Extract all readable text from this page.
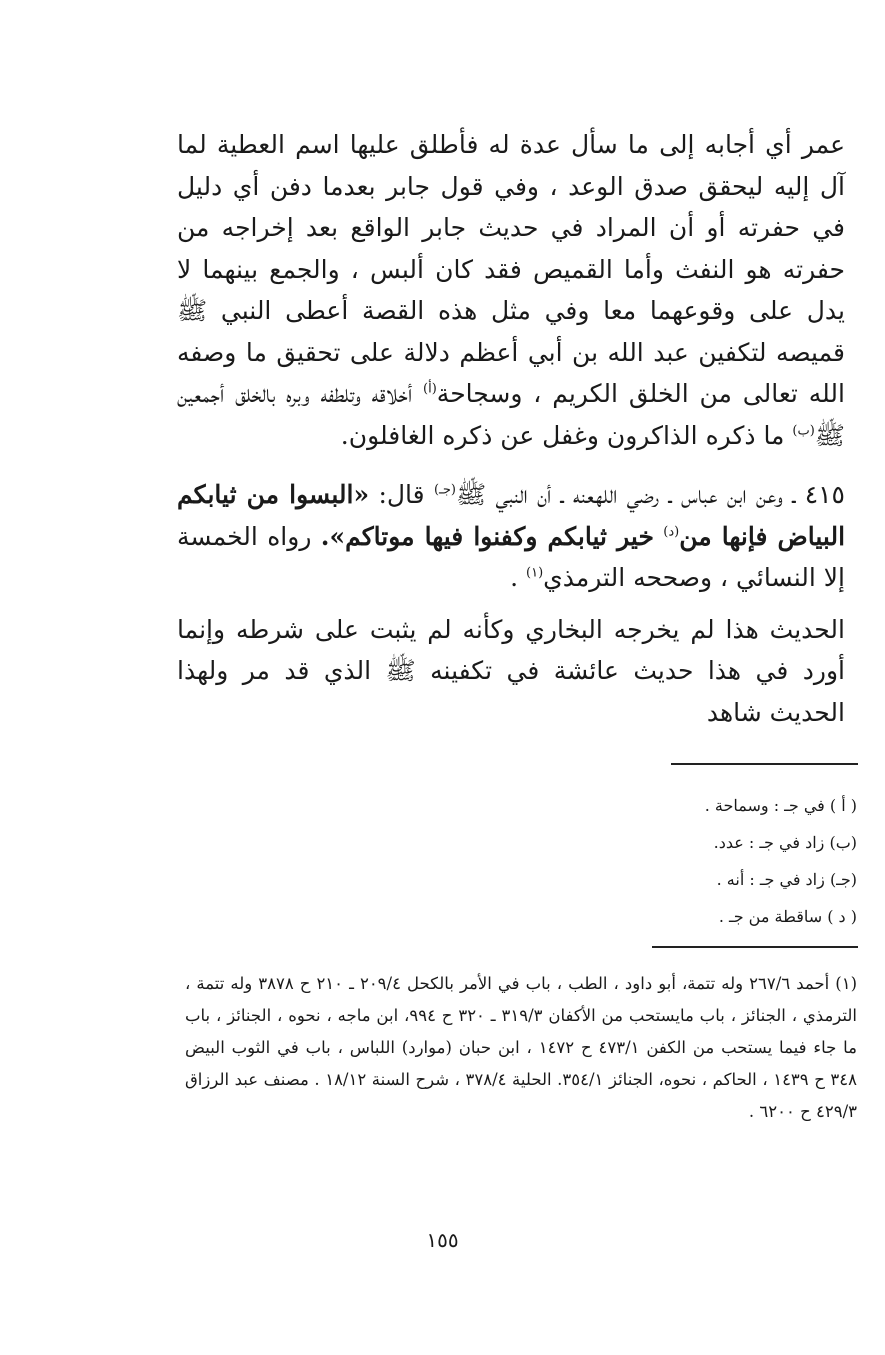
عمر أي أجابه إلى ما سأل عدة له فأطلق عليها اسم العطية لما آل إليه ليحقق صدق الوعد ، وفي قول جابر بعدما دفن أي دليل في حفرته أو أن المراد في حديث جابر الواقع بعد إخراجه من حفرته هو النفث وأما القميص فقد كان ألبس ، والجمع بينهما لا يدل على وقوعهما معا وفي مثل هذه القصة أعطى النبي ﷺ قميصه لتكفين عبد الله بن أبي أعظم دلالة على تحقيق ما وصفه الله تعالى من الخلق الكريم ، وسجاحة$^{(أ)}$ أخلاقه وتلطفه وبره بالخلق أجمعين ﷺ$^{(ب)}$ ما ذكره الذاكرون وغفل عن ذكره الغافلون.

٤١٥ ـ وعن ابن عباس ـ رضي اللهعنه ـ أن النبي ﷺ$^{(جـ)}$ قال: «البسوا من ثيابكم البياض فإنها من$^{(د)}$ خير ثيابكم وكفنوا فيها موتاكم». رواه الخمسة إلا النسائي ، وصححه الترمذي$^{(١)}$ .

الحديث هذا لم يخرجه البخاري وكأنه لم يثبت على شرطه وإنما أورد في هذا حديث عائشة في تكفينه ﷺ الذي قد مر ولهذا الحديث شاهد

( أ ) في جـ : وسماحة .
(ب) زاد في جـ : عدد.
(جـ) زاد في جـ : أنه .
( د ) ساقطة من جـ .

(١) أحمد ٢٦٧/٦ وله تتمة، أبو داود ، الطب ، باب في الأمر بالكحل ٢٠٩/٤ ـ ٢١٠ ح ٣٨٧٨ وله تتمة ، الترمذي ، الجنائز ، باب مايستحب من الأكفان ٣١٩/٣ ـ ٣٢٠ ح ٩٩٤، ابن ماجه ، نحوه ، الجنائز ، باب ما جاء فيما يستحب من الكفن ٤٧٣/١ ح ١٤٧٢ ، ابن حبان (موارد) اللباس ، باب في الثوب البيض ٣٤٨ ح ١٤٣٩ ، الحاكم ، نحوه، الجنائز ٣٥٤/١. الحلية ٣٧٨/٤ ، شرح السنة ١٨/١٢ . مصنف عبد الرزاق ٤٢٩/٣ ح ٦٢٠٠ .

١٥٥
